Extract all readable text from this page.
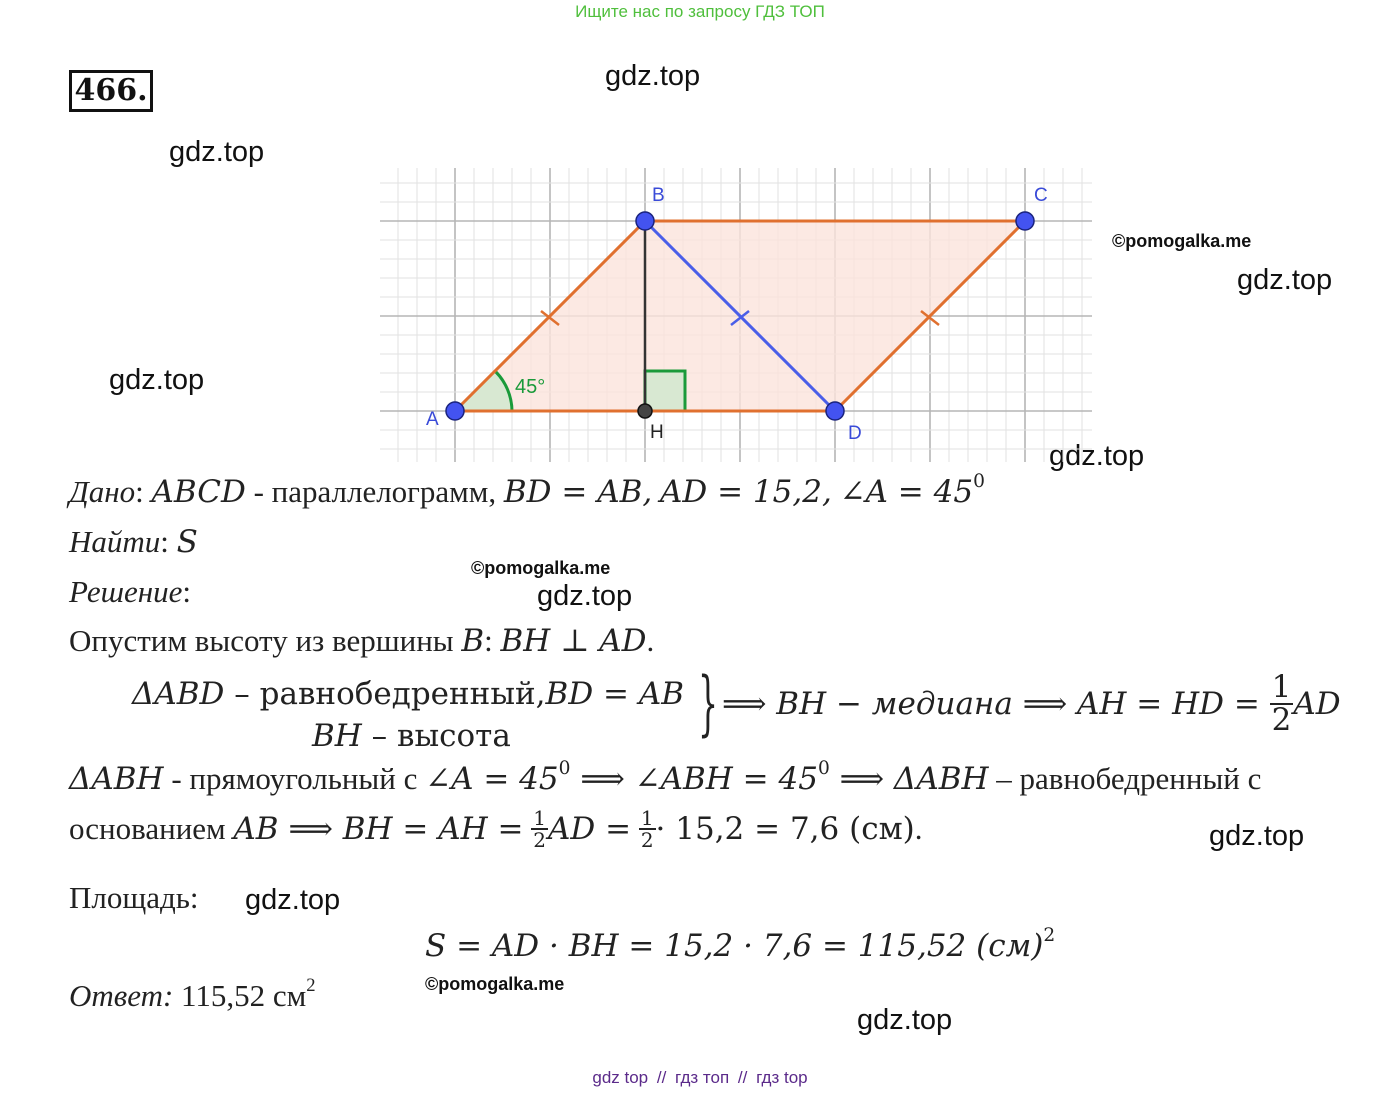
Ищите нас по запросу ГДЗ ТОП
466.	gdz.top
gdz.top
gdz.top
gdz.top
gdz.top
gdz.top
gdz.top
gdz.top
gdz.top
©pomogalka.me
©pomogalka.me
©pomogalka.me
A
B	C
D
H
45°
Дано: ABCD - параллелограмм, BD = AB, AD = 15,2, ∠A = $45^0$
Найти: S
Решение:
Опустим высоту из вершины B: BH ⊥ AD.
ΔABD – равнобедренный,BD = AB
BH – высота	} ⟹ BH − медиана ⟹ AH = HD = $\frac{1}{2}$ AD
ΔABH - прямоугольный с ∠A = $45^0$ ⟹ ∠ABH = $45^0$ ⟹ ΔABH – равнобедренный с
основанием AB ⟹ BH = AH = $\frac{1}{2}$ AD = $\frac{1}{2} \cdot 15,2 = 7,6$ (см).
Площадь:
S = AD · BH = 15,2 · 7,6 = 115,52 (см)$^2$
Ответ: 115,52 $см^2$
gdz top // гдз топ // гдз top
